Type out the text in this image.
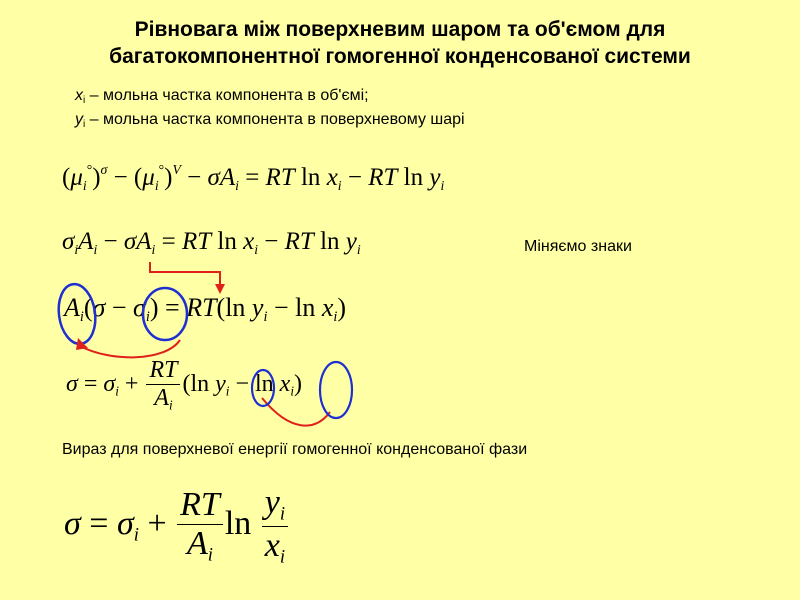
Рівновага між поверхневим шаром та об'ємом для
багатокомпонентної гомогенної конденсованої системи
$x_i$ – мольна частка компонента в об'ємі;
$y_i$ – мольна частка компонента в поверхневому шарі
$(\mu_i^\circ)^\sigma - (\mu_i^\circ)^V - \sigma A_i$ = RT $\ln x_i$ − RT $\ln y_i$
$\sigma_iA_i - \sigma A_i$ = RT $\ln x_i$ − RT $\ln y_i$	Міняємо знаки
$A_i(\sigma - \sigma_i) = RT(\ln$ $y_i - \ln x_i$)
$\sigma = \sigma_i + \frac{RT}{A_i} (\ln$ $y_i - \ln x_i$)
Вираз для поверхневої енергії гомогенної конденсованої фази
$\sigma = \sigma_i + \frac{RT}{A_i}$ $\ln \frac{y_i}{x_i}$
